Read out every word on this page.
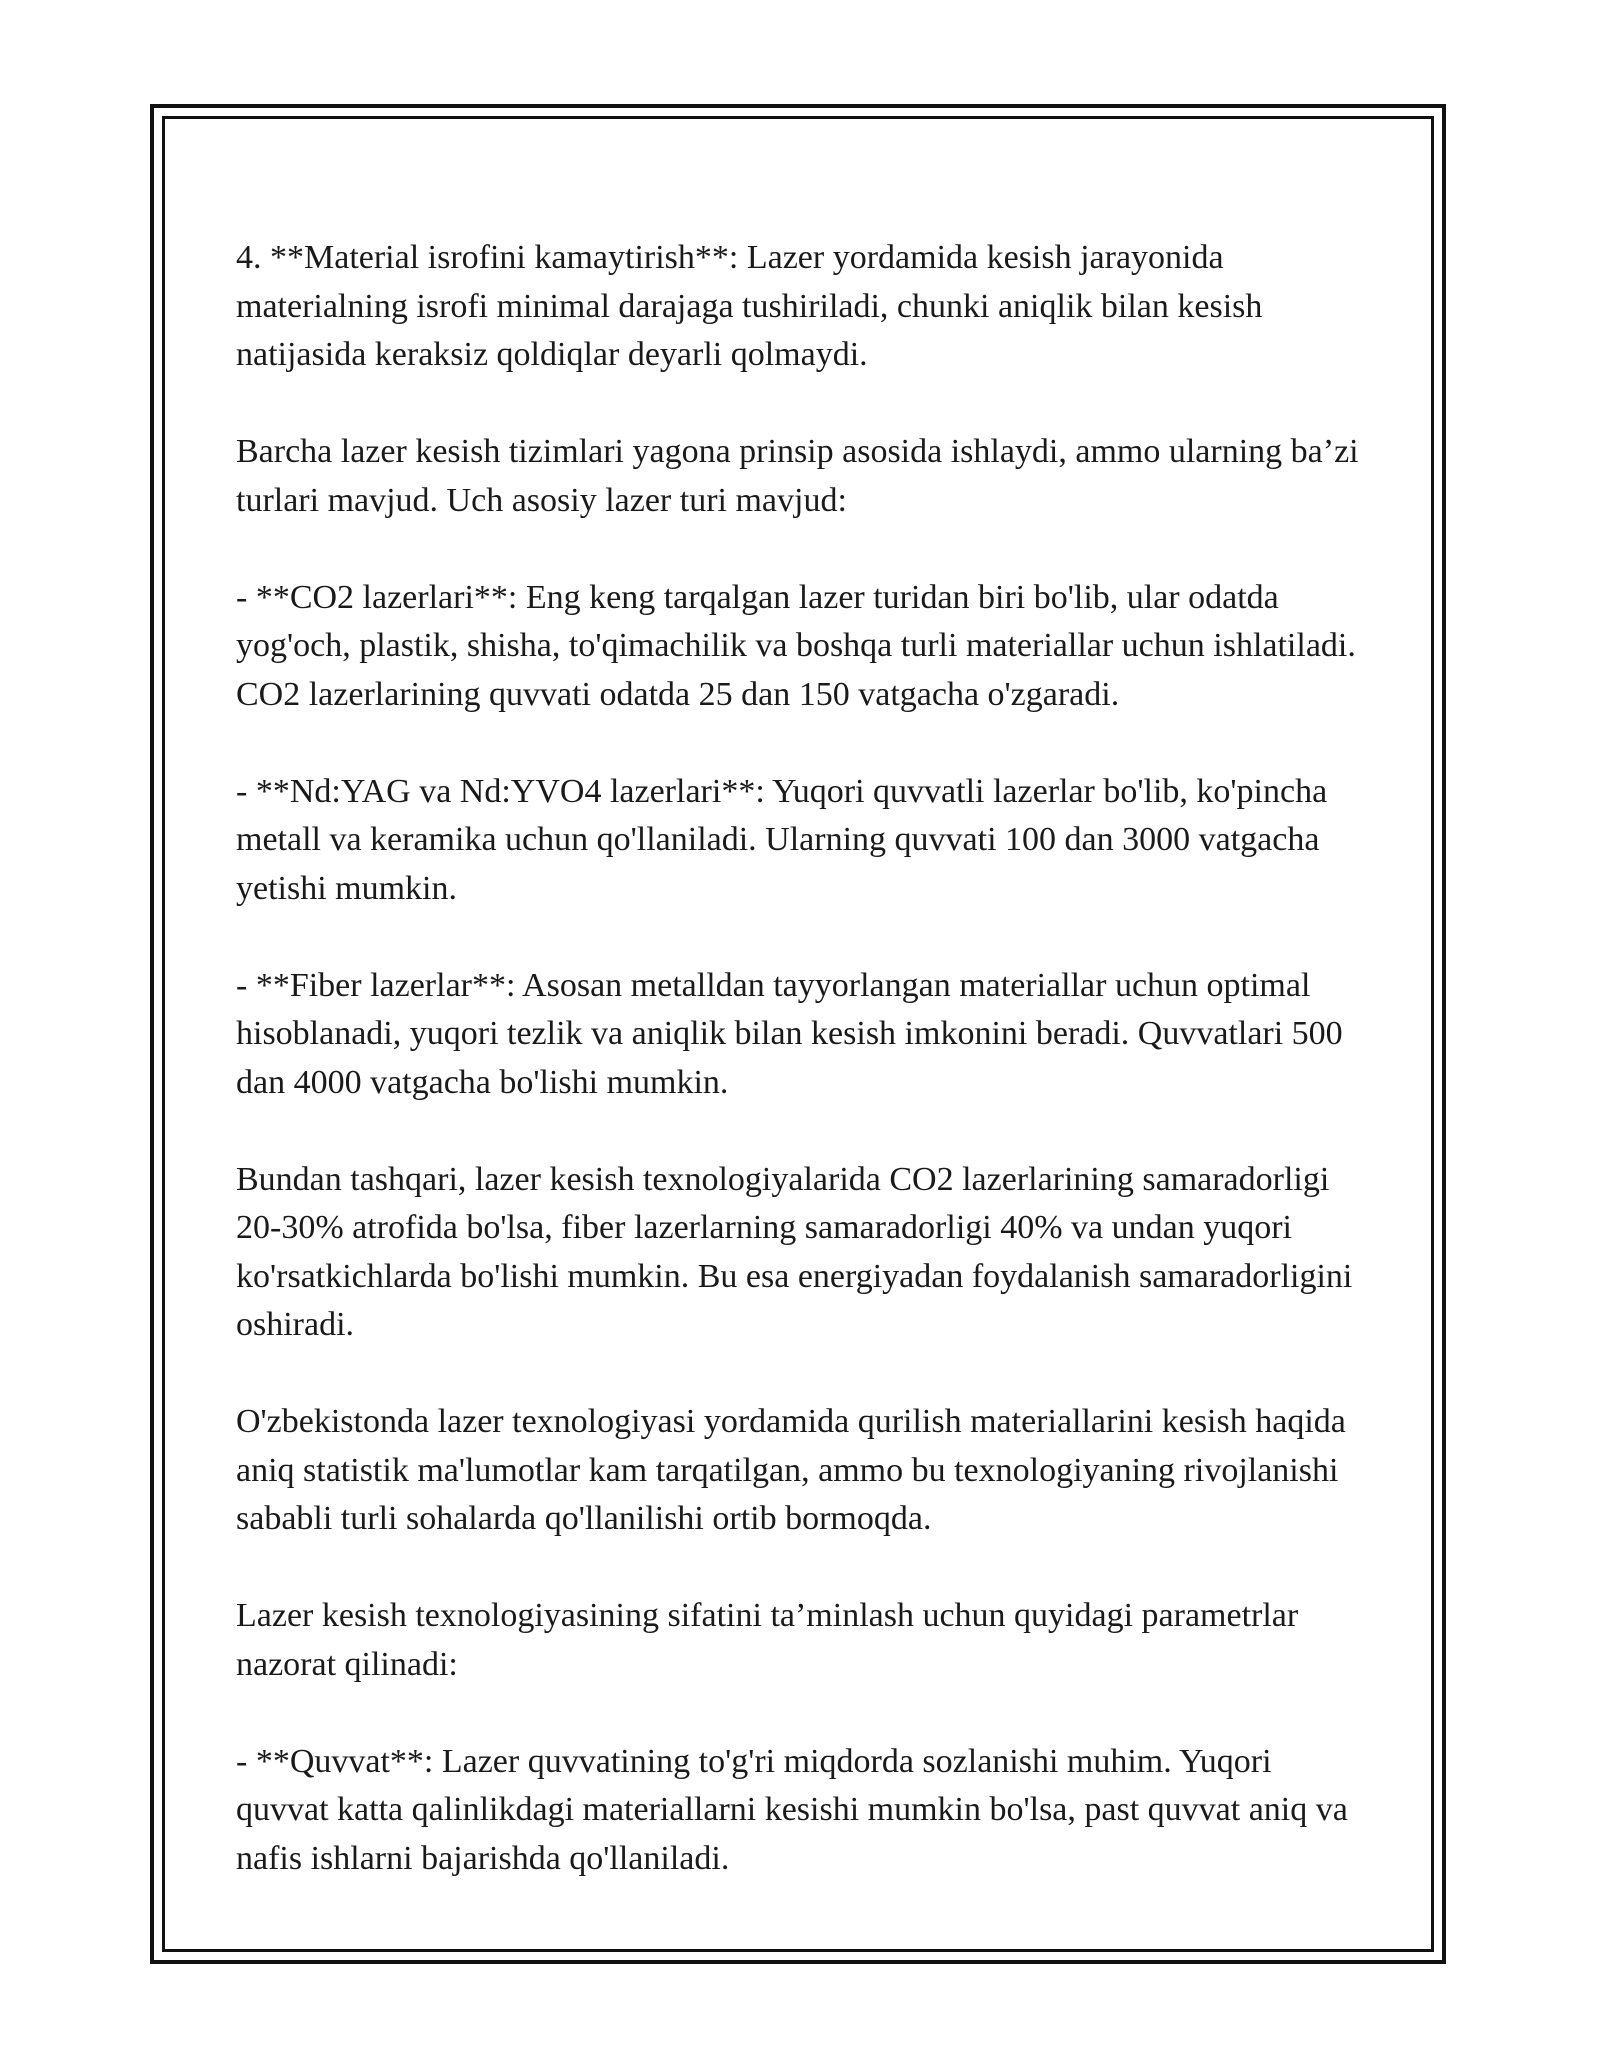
4. **Material isrofini kamaytirish**: Lazer yordamida kesish jarayonida materialning isrofi minimal darajaga tushiriladi, chunki aniqlik bilan kesish natijasida keraksiz qoldiqlar deyarli qolmaydi.

Barcha lazer kesish tizimlari yagona prinsip asosida ishlaydi, ammo ularning ba’zi turlari mavjud. Uch asosiy lazer turi mavjud:

- **CO2 lazerlari**: Eng keng tarqalgan lazer turidan biri bo'lib, ular odatda yog'och, plastik, shisha, to'qimachilik va boshqa turli materiallar uchun ishlatiladi. CO2 lazerlarining quvvati odatda 25 dan 150 vatgacha o'zgaradi.

- **Nd:YAG va Nd:YVO4 lazerlari**: Yuqori quvvatli lazerlar bo'lib, ko'pincha metall va keramika uchun qo'llaniladi. Ularning quvvati 100 dan 3000 vatgacha yetishi mumkin.

- **Fiber lazerlar**: Asosan metalldan tayyorlangan materiallar uchun optimal hisoblanadi, yuqori tezlik va aniqlik bilan kesish imkonini beradi. Quvvatlari 500 dan 4000 vatgacha bo'lishi mumkin.

Bundan tashqari, lazer kesish texnologiyalarida CO2 lazerlarining samaradorligi 20-30% atrofida bo'lsa, fiber lazerlarning samaradorligi 40% va undan yuqori ko'rsatkichlarda bo'lishi mumkin. Bu esa energiyadan foydalanish samaradorligini oshiradi.

O'zbekistonda lazer texnologiyasi yordamida qurilish materiallarini kesish haqida aniq statistik ma'lumotlar kam tarqatilgan, ammo bu texnologiyaning rivojlanishi sababli turli sohalarda qo'llanilishi ortib bormoqda.

Lazer kesish texnologiyasining sifatini ta’minlash uchun quyidagi parametrlar nazorat qilinadi:

- **Quvvat**: Lazer quvvatining to'g'ri miqdorda sozlanishi muhim. Yuqori quvvat katta qalinlikdagi materiallarni kesishi mumkin bo'lsa, past quvvat aniq va nafis ishlarni bajarishda qo'llaniladi.
